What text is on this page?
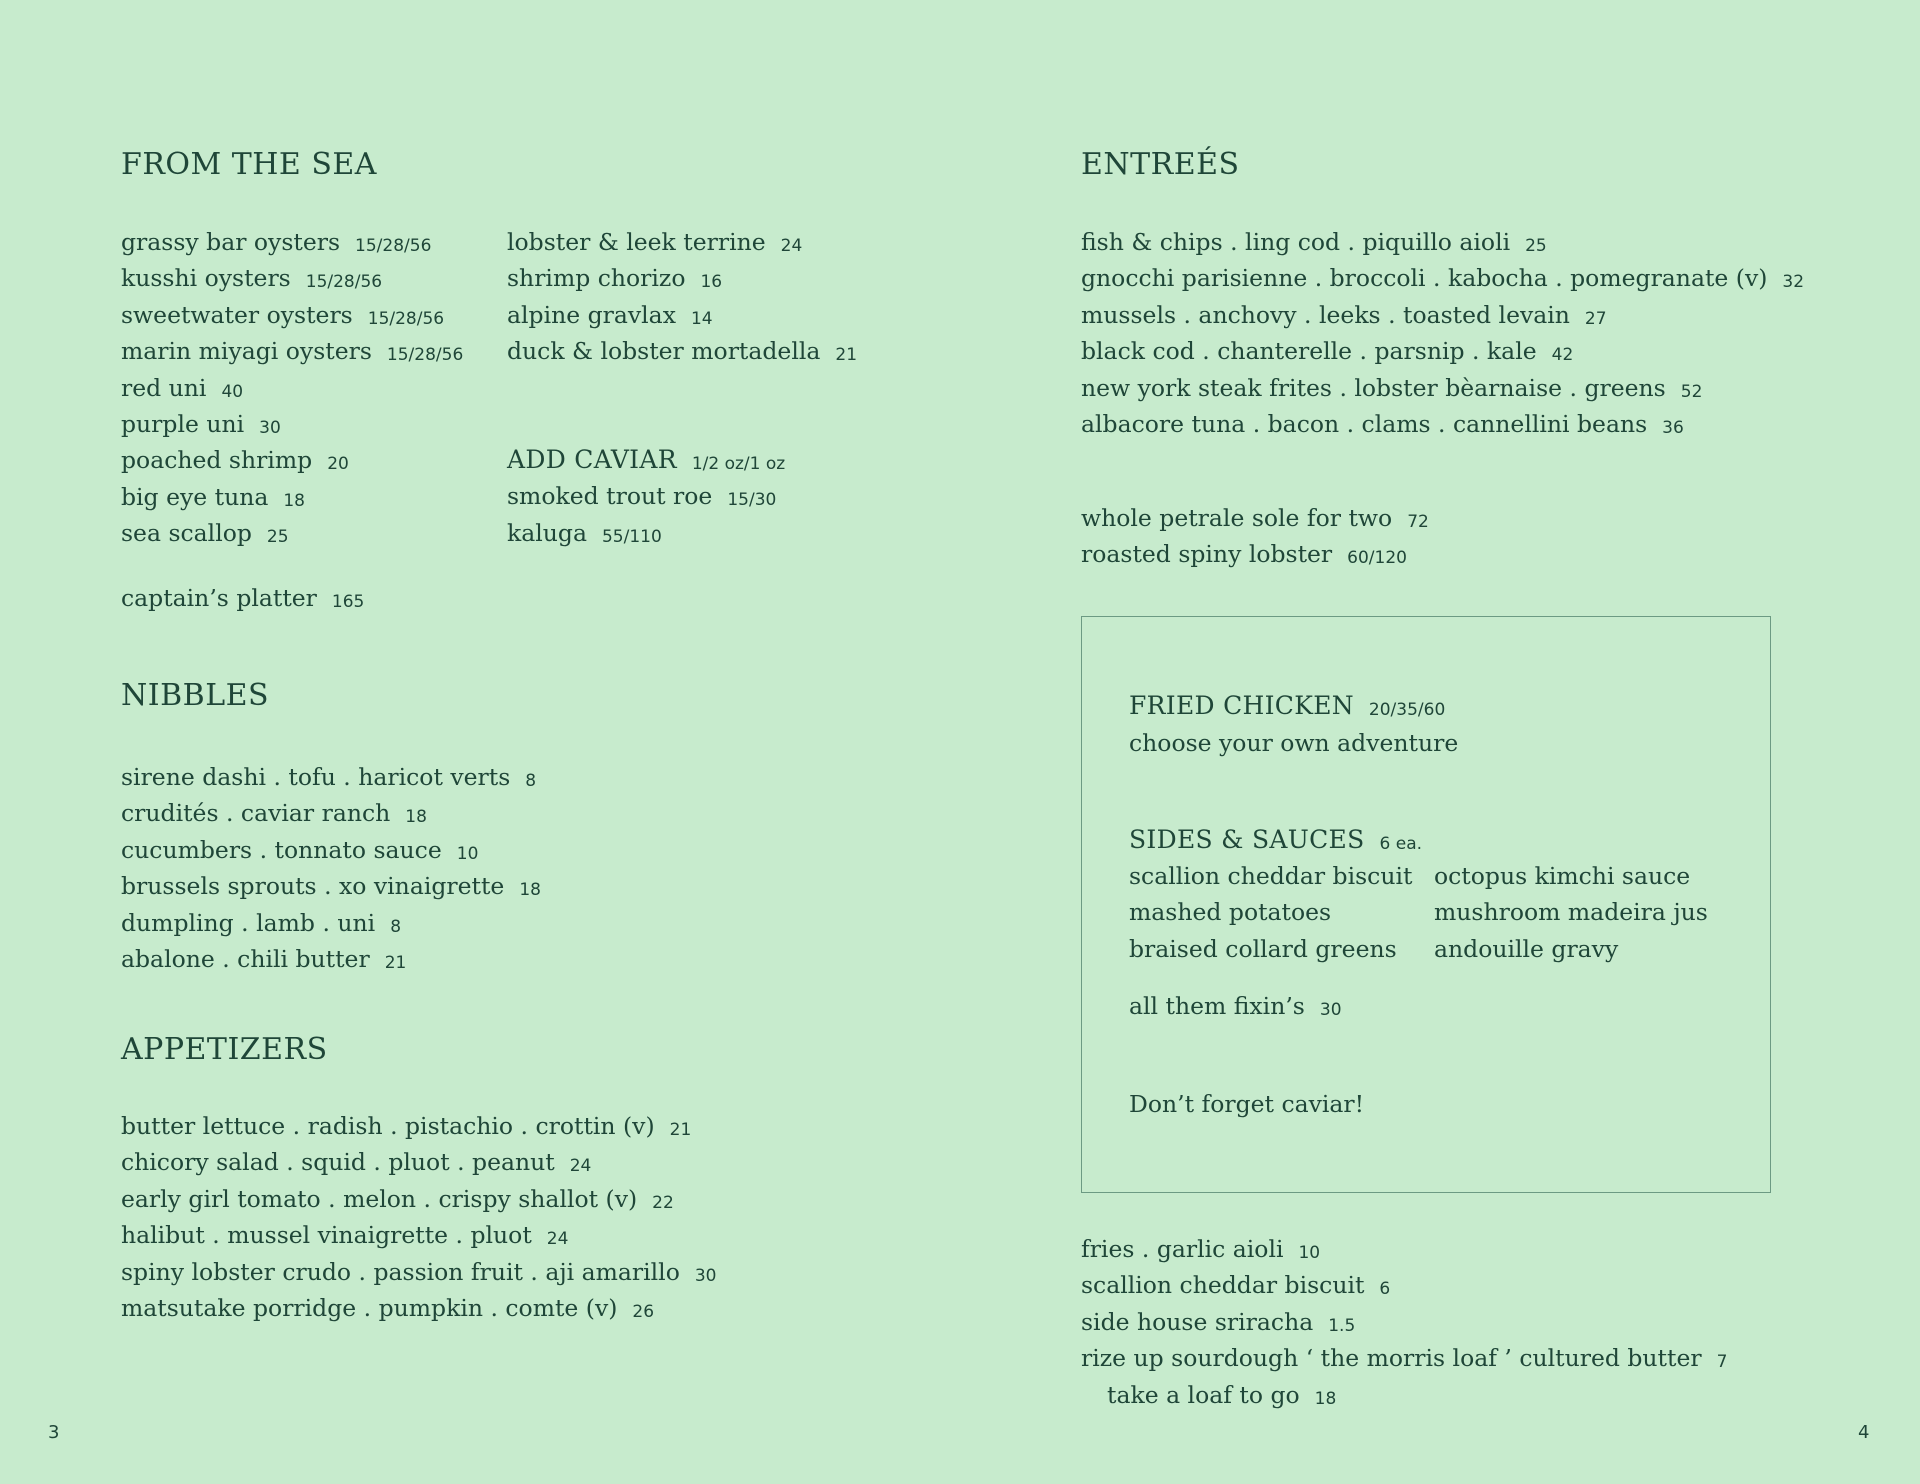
FROM THE SEA
grassy bar oysters 15/28/56
kusshi oysters 15/28/56
sweetwater oysters 15/28/56
marin miyagi oysters 15/28/56
red uni 40
purple uni 30
poached shrimp 20
big eye tuna 18
sea scallop 25
lobster & leek terrine 24
shrimp chorizo 16
alpine gravlax 14
duck & lobster mortadella 21
ADD CAVIAR 1/2 oz/1 oz
smoked trout roe 15/30
kaluga 55/110
captain’s platter 165
NIBBLES
sirene dashi . tofu . haricot verts 8
crudités . caviar ranch 18
cucumbers . tonnato sauce 10
brussels sprouts . xo vinaigrette 18
dumpling . lamb . uni 8
abalone . chili butter 21
APPETIZERS
butter lettuce . radish . pistachio . crottin (v) 21
chicory salad . squid . pluot . peanut 24
early girl tomato . melon . crispy shallot (v) 22
halibut . mussel vinaigrette . pluot 24
spiny lobster crudo . passion fruit . aji amarillo 30
matsutake porridge . pumpkin . comte (v) 26
3
ENTREÉS
fish & chips . ling cod . piquillo aioli 25
gnocchi parisienne . broccoli . kabocha . pomegranate (v) 32
mussels . anchovy . leeks . toasted levain 27
black cod . chanterelle . parsnip . kale 42
new york steak frites . lobster bèarnaise . greens 52
albacore tuna . bacon . clams . cannellini beans 36
whole petrale sole for two 72
roasted spiny lobster 60/120
FRIED CHICKEN 20/35/60
choose your own adventure
SIDES & SAUCES 6 ea.
scallion cheddar biscuit
mashed potatoes
braised collard greens
octopus kimchi sauce
mushroom madeira jus
andouille gravy
all them fixin’s 30
Don’t forget caviar!
fries . garlic aioli 10
scallion cheddar biscuit 6
side house sriracha 1.5
rize up sourdough ‘ the morris loaf ’ cultured butter 7
take a loaf to go 18
4
